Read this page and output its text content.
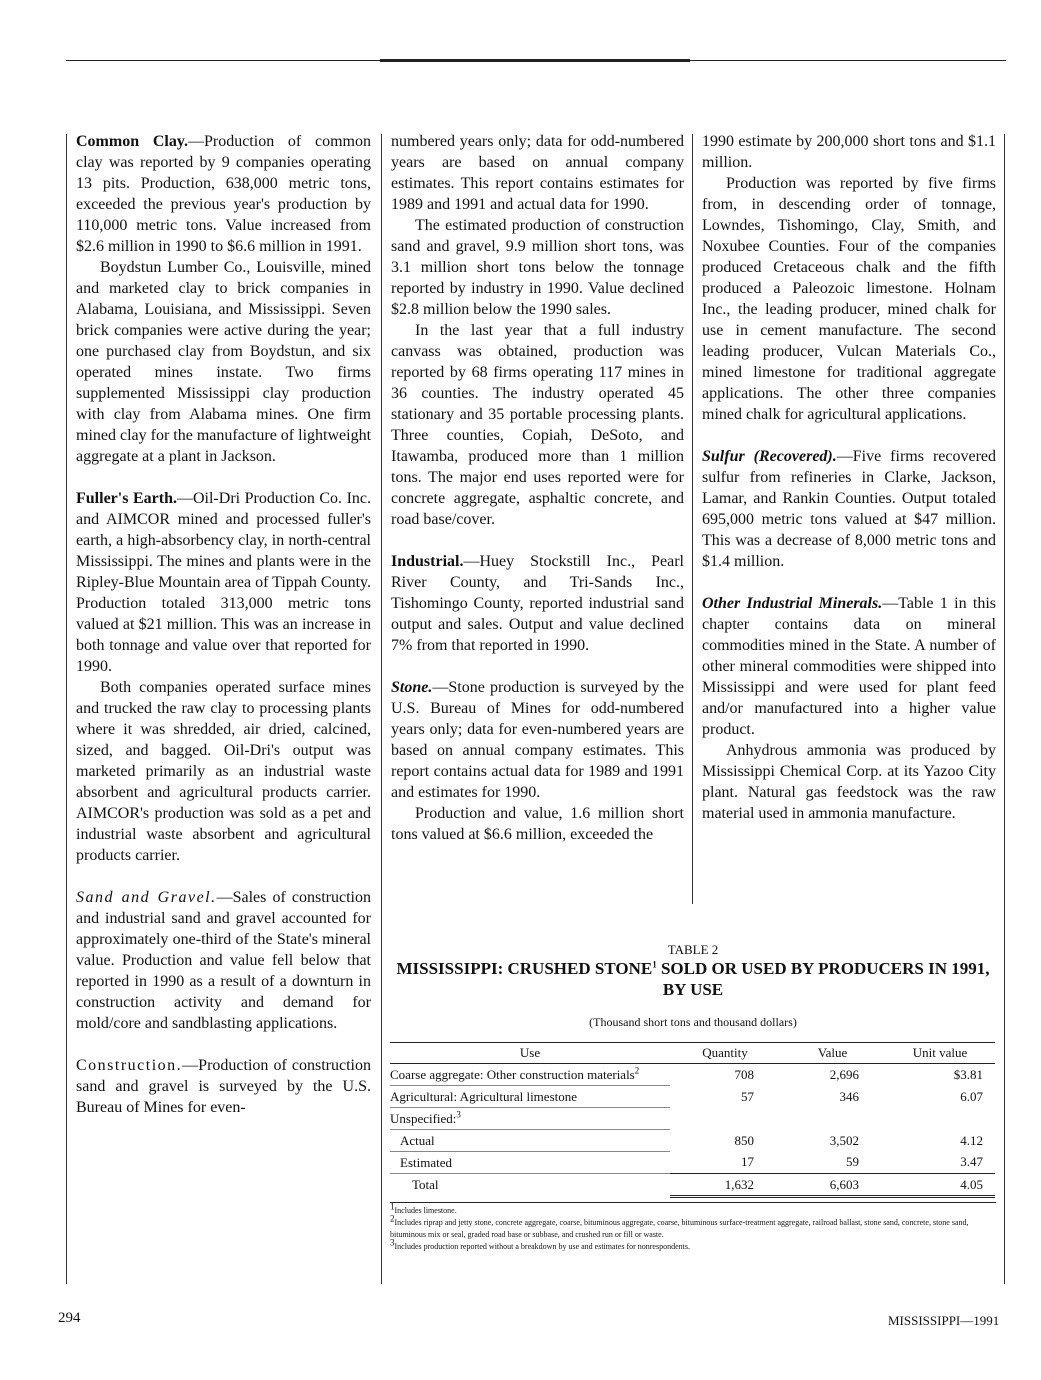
Common Clay.—Production of common clay was reported by 9 companies operating 13 pits. Production, 638,000 metric tons, exceeded the previous year's production by 110,000 metric tons. Value increased from $2.6 million in 1990 to $6.6 million in 1991.

Boydstun Lumber Co., Louisville, mined and marketed clay to brick companies in Alabama, Louisiana, and Mississippi. Seven brick companies were active during the year; one purchased clay from Boydstun, and six operated mines instate. Two firms supplemented Mississippi clay production with clay from Alabama mines. One firm mined clay for the manufacture of lightweight aggregate at a plant in Jackson.

Fuller's Earth.—Oil-Dri Production Co. Inc. and AIMCOR mined and processed fuller's earth, a high-absorbency clay, in north-central Mississippi. The mines and plants were in the Ripley-Blue Mountain area of Tippah County. Production totaled 313,000 metric tons valued at $21 million. This was an increase in both tonnage and value over that reported for 1990.

Both companies operated surface mines and trucked the raw clay to processing plants where it was shredded, air dried, calcined, sized, and bagged. Oil-Dri's output was marketed primarily as an industrial waste absorbent and agricultural products carrier. AIMCOR's production was sold as a pet and industrial waste absorbent and agricultural products carrier.

Sand and Gravel.—Sales of construction and industrial sand and gravel accounted for approximately one-third of the State's mineral value. Production and value fell below that reported in 1990 as a result of a downturn in construction activity and demand for mold/core and sandblasting applications.

Construction.—Production of construction sand and gravel is surveyed by the U.S. Bureau of Mines for even-

numbered years only; data for odd-numbered years are based on annual company estimates. This report contains estimates for 1989 and 1991 and actual data for 1990.

The estimated production of construction sand and gravel, 9.9 million short tons, was 3.1 million short tons below the tonnage reported by industry in 1990. Value declined $2.8 million below the 1990 sales.

In the last year that a full industry canvass was obtained, production was reported by 68 firms operating 117 mines in 36 counties. The industry operated 45 stationary and 35 portable processing plants. Three counties, Copiah, DeSoto, and Itawamba, produced more than 1 million tons. The major end uses reported were for concrete aggregate, asphaltic concrete, and road base/cover.

Industrial.—Huey Stockstill Inc., Pearl River County, and Tri-Sands Inc., Tishomingo County, reported industrial sand output and sales. Output and value declined 7% from that reported in 1990.

Stone.—Stone production is surveyed by the U.S. Bureau of Mines for odd-numbered years only; data for even-numbered years are based on annual company estimates. This report contains actual data for 1989 and 1991 and estimates for 1990.

Production and value, 1.6 million short tons valued at $6.6 million, exceeded the

1990 estimate by 200,000 short tons and $1.1 million.

Production was reported by five firms from, in descending order of tonnage, Lowndes, Tishomingo, Clay, Smith, and Noxubee Counties. Four of the companies produced Cretaceous chalk and the fifth produced a Paleozoic limestone. Holnam Inc., the leading producer, mined chalk for use in cement manufacture. The second leading producer, Vulcan Materials Co., mined limestone for traditional aggregate applications. The other three companies mined chalk for agricultural applications.

Sulfur (Recovered).—Five firms recovered sulfur from refineries in Clarke, Jackson, Lamar, and Rankin Counties. Output totaled 695,000 metric tons valued at $47 million. This was a decrease of 8,000 metric tons and $1.4 million.

Other Industrial Minerals.—Table 1 in this chapter contains data on mineral commodities mined in the State. A number of other mineral commodities were shipped into Mississippi and were used for plant feed and/or manufactured into a higher value product.

Anhydrous ammonia was produced by Mississippi Chemical Corp. at its Yazoo City plant. Natural gas feedstock was the raw material used in ammonia manufacture.

TABLE 2
MISSISSIPPI: CRUSHED STONE$^1$ SOLD OR USED BY PRODUCERS IN 1991, BY USE
(Thousand short tons and thousand dollars)
Use	Quantity	Value	Unit value
Coarse aggregate: Other construction materials$^2$	708	2,696	$3.81
Agricultural: Agricultural limestone	57	346	6.07
Unspecified:$^3$			
Actual	850	3,502	4.12
Estimated	17	59	3.47
Total	1,632	6,603	4.05
$^1$Includes limestone.
$^2$Includes riprap and jetty stone, concrete aggregate, coarse, bituminous aggregate, coarse, bituminous surface-treatment aggregate, railroad ballast, stone sand, concrete, stone sand, bituminous mix or seal, graded road base or subbase, and crushed run or fill or waste.
$^3$Includes production reported without a breakdown by use and estimates for nonrespondents.
294	MISSISSIPPI—1991
